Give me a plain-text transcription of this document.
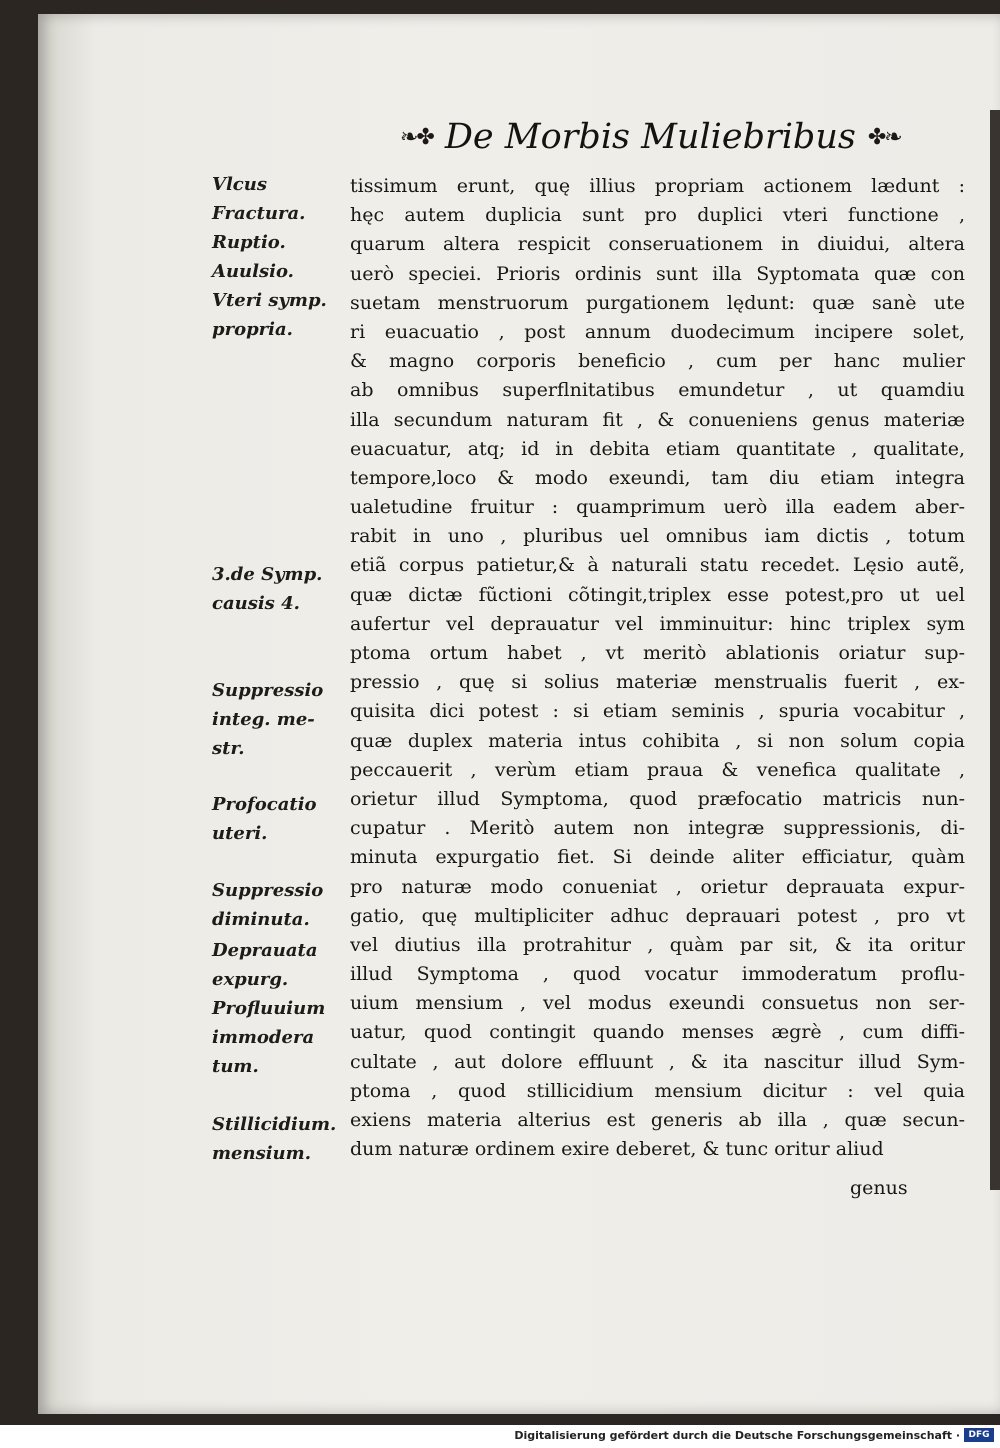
❧✤ De Morbis Muliebribus ✤❧
Vlcus
Fractura.
Ruptio.
Auulsio.
Vteri symp.
propria.
3.de Symp.
causis 4.
Suppressio
integ. me-
str.
Profocatio
uteri.
Suppressio
diminuta.
Deprauata
expurg.
Profluuium
immodera
tum.
Stillicidium.
mensium.
tissimum erunt, quę illius propriam actionem lædunt :
hęc autem duplicia sunt pro duplici vteri functione ,
quarum altera respicit conseruationem in diuidui, altera
uerò speciei. Prioris ordinis sunt illa Syptomata quæ con
suetam menstruorum purgationem lędunt: quæ sanè ute
ri euacuatio , post annum duodecimum incipere solet,
& magno corporis beneficio , cum per hanc mulier
ab omnibus superflnitatibus emundetur , ut quamdiu
illa secundum naturam fit , & conueniens genus materiæ
euacuatur, atq; id in debita etiam quantitate , qualitate,
tempore,loco & modo exeundi, tam diu etiam integra
ualetudine fruitur : quamprimum uerò illa eadem aber-
rabit in uno , pluribus uel omnibus iam dictis , totum
etiã corpus patietur,& à naturali statu recedet. Lęsio autẽ,
quæ dictæ fũctioni cõtingit,triplex esse potest,pro ut uel
aufertur vel deprauatur vel imminuitur: hinc triplex sym
ptoma ortum habet , vt meritò ablationis oriatur sup-
pressio , quę si solius materiæ menstrualis fuerit , ex-
quisita dici potest : si etiam seminis , spuria vocabitur ,
quæ duplex materia intus cohibita , si non solum copia
peccauerit , verùm etiam praua & venefica qualitate ,
orietur illud Symptoma, quod præfocatio matricis nun-
cupatur . Meritò autem non integræ suppressionis, di-
minuta expurgatio fiet. Si deinde aliter efficiatur, quàm
pro naturæ modo conueniat , orietur deprauata expur-
gatio, quę multipliciter adhuc deprauari potest , pro vt
vel diutius illa protrahitur , quàm par sit, & ita oritur
illud Symptoma , quod vocatur immoderatum proflu-
uium mensium , vel modus exeundi consuetus non ser-
uatur, quod contingit quando menses ægrè , cum diffi-
cultate , aut dolore effluunt , & ita nascitur illud Sym-
ptoma , quod stillicidium mensium dicitur : vel quia
exiens materia alterius est generis ab illa , quæ secun-
dum naturæ ordinem exire deberet, & tunc oritur aliud
genus
Digitalisierung gefördert durch die Deutsche Forschungsgemeinschaft · DFG
